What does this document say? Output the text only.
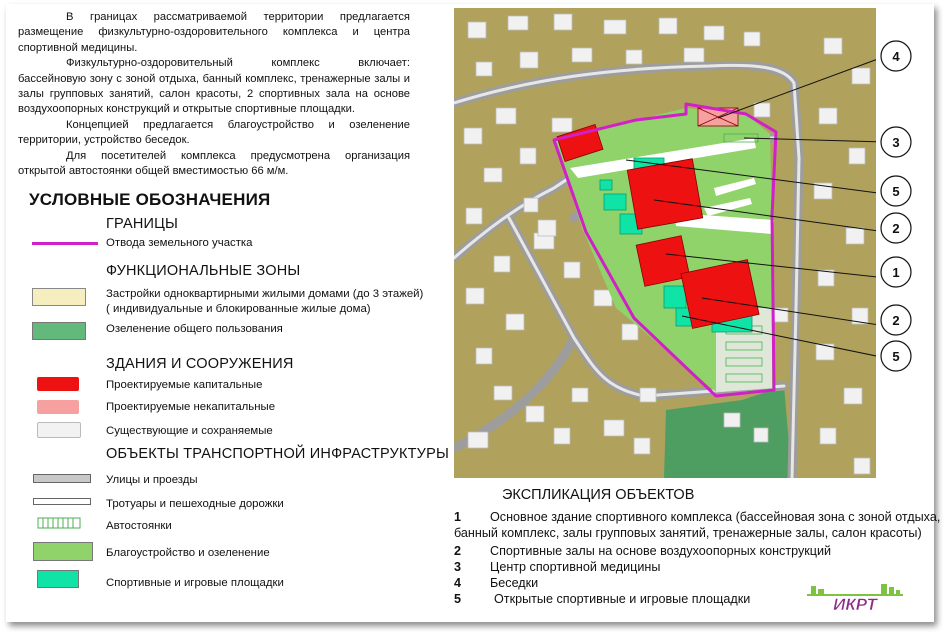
В границах рассматриваемой территории предлагается размещение физкультурно-оздоровительного комплекса и центра спортивной медицины.

Физкультурно-оздоровительный комплекс включает: бассейновую зону с зоной отдыха, банный комплекс, тренажерные залы и залы групповых занятий, салон красоты, 2 спортивных зала на основе воздухоопорных конструкций и открытые спортивные площадки.

Концепцией предлагается благоустройство и озеленение территории, устройство беседок.

Для посетителей комплекса предусмотрена организация открытой автостоянки общей вместимостью 66 м/м.

УСЛОВНЫЕ ОБОЗНАЧЕНИЯ
ГРАНИЦЫ
Отвода земельного участка
ФУНКЦИОНАЛЬНЫЕ ЗОНЫ
Застройки одноквартирными жилыми домами (до 3 этажей)
( индивидуальные и блокированные жилые дома)
Озеленение общего пользования
ЗДАНИЯ И СООРУЖЕНИЯ
Проектируемые капитальные
Проектируемые некапитальные
Существующие и сохраняемые
ОБЪЕКТЫ ТРАНСПОРТНОЙ ИНФРАСТРУКТУРЫ
Улицы и проезды
Тротуары и пешеходные дорожки
Автостоянки
Благоустройство и озеленение
Спортивные и игровые площадки
4
3
5
2
1
2
5
ЭКСПЛИКАЦИЯ ОБЪЕКТОВ
1 Основное здание спортивного комплекса (бассейновая зона с зоной отдыха,
банный комплекс, залы групповых занятий, тренажерные залы, салон красоты)
2 Спортивные залы на основе воздухоопорных конструкций
3 Центр спортивной медицины
4 Беседки
5	Открытые спортивные и игровые площадки	ИКРТ
